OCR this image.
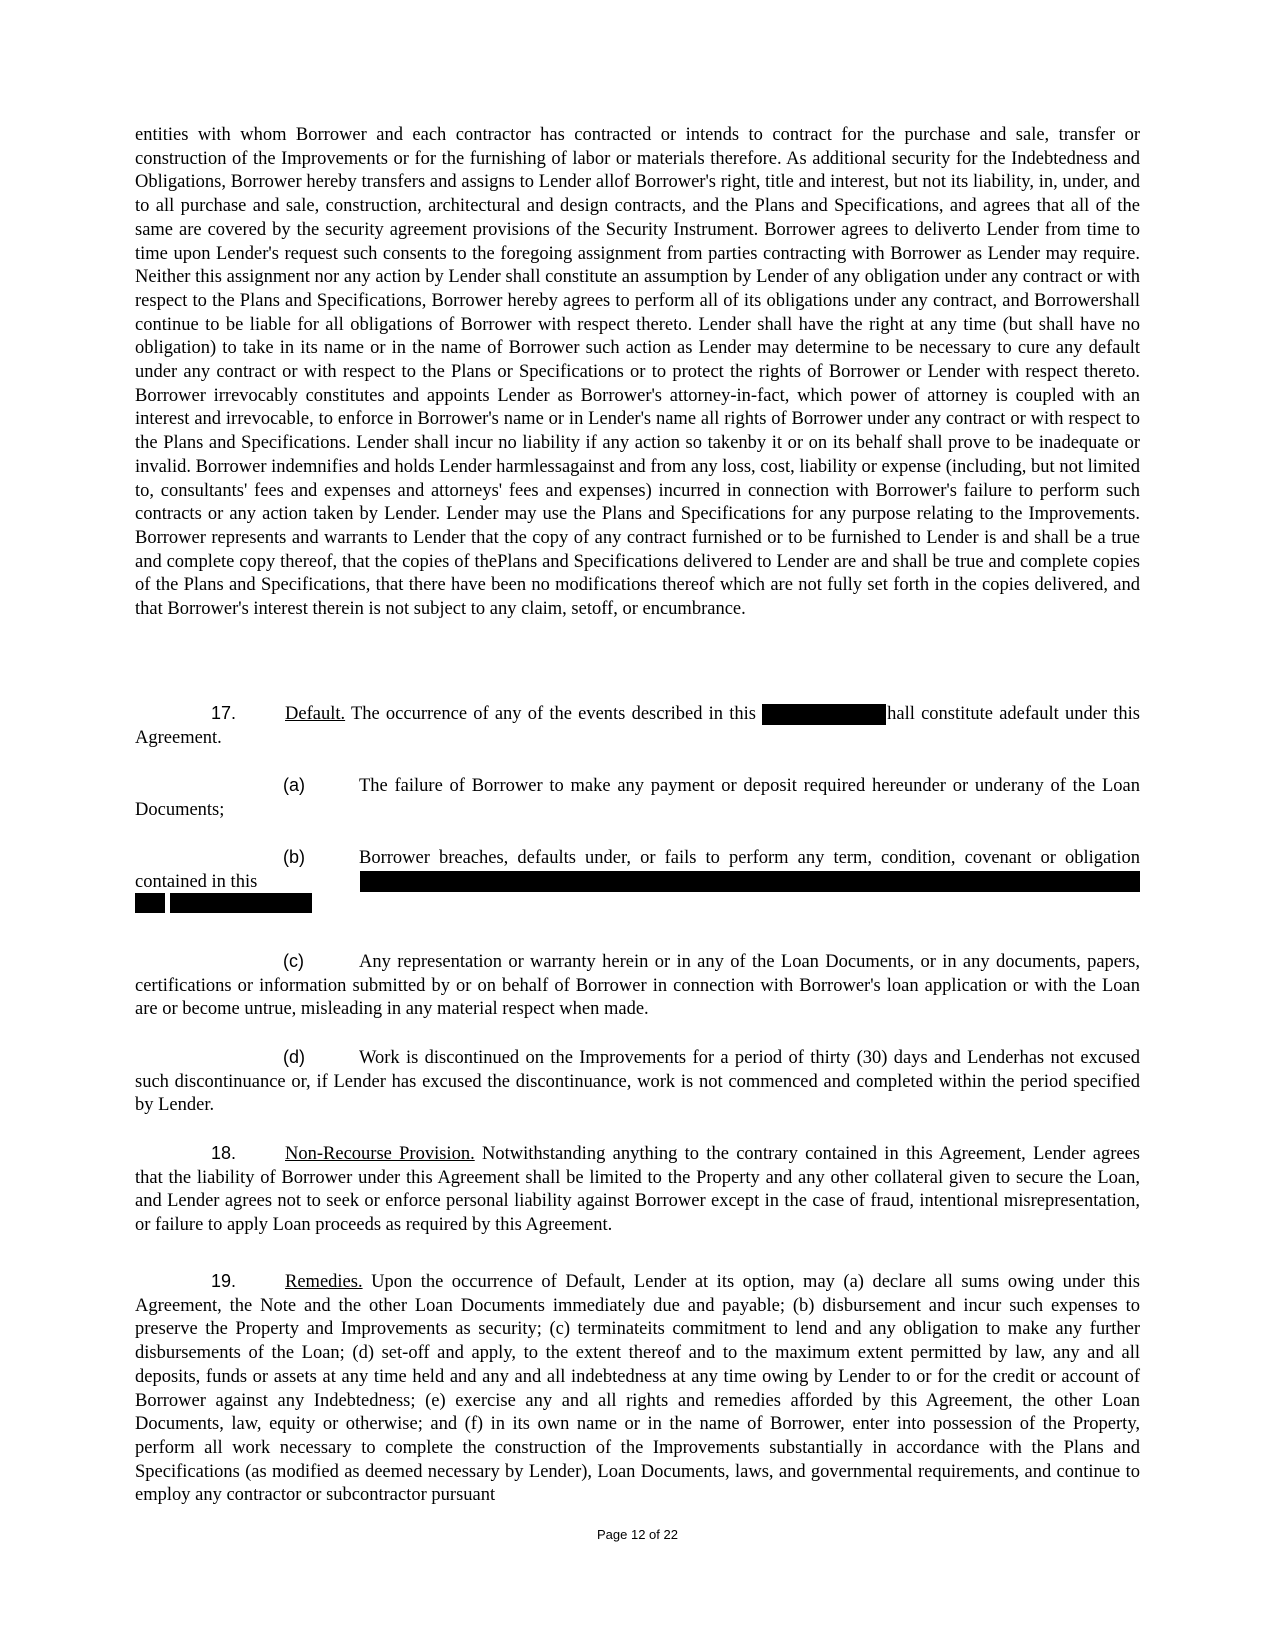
entities with whom Borrower and each contractor has contracted or intends to contract for the purchase and sale, transfer or construction of the Improvements or for the furnishing of labor or materials therefore. As additional security for the Indebtedness and Obligations, Borrower hereby transfers and assigns to Lender allof Borrower's right, title and interest, but not its liability, in, under, and to all purchase and sale, construction, architectural and design contracts, and the Plans and Specifications, and agrees that all of the same are covered by the security agreement provisions of the Security Instrument. Borrower agrees to deliverto Lender from time to time upon Lender's request such consents to the foregoing assignment from parties contracting with Borrower as Lender may require. Neither this assignment nor any action by Lender shall constitute an assumption by Lender of any obligation under any contract or with respect to the Plans and Specifications, Borrower hereby agrees to perform all of its obligations under any contract, and Borrowershall continue to be liable for all obligations of Borrower with respect thereto. Lender shall have the right at any time (but shall have no obligation) to take in its name or in the name of Borrower such action as Lender may determine to be necessary to cure any default under any contract or with respect to the Plans or Specifications or to protect the rights of Borrower or Lender with respect thereto. Borrower irrevocably constitutes and appoints Lender as Borrower's attorney-in-fact, which power of attorney is coupled with an interest and irrevocable, to enforce in Borrower's name or in Lender's name all rights of Borrower under any contract or with respect to the Plans and Specifications. Lender shall incur no liability if any action so takenby it or on its behalf shall prove to be inadequate or invalid. Borrower indemnifies and holds Lender harmlessagainst and from any loss, cost, liability or expense (including, but not limited to, consultants' fees and expenses and attorneys' fees and expenses) incurred in connection with Borrower's failure to perform such contracts or any action taken by Lender. Lender may use the Plans and Specifications for any purpose relating to the Improvements. Borrower represents and warrants to Lender that the copy of any contract furnished or to be furnished to Lender is and shall be a true and complete copy thereof, that the copies of thePlans and Specifications delivered to Lender are and shall be true and complete copies of the Plans and Specifications, that there have been no modifications thereof which are not fully set forth in the copies delivered, and that Borrower's interest therein is not subject to any claim, setoff, or encumbrance.

17.	Default. The occurrence of any of the events described in this	hall constitute adefault under this Agreement.

(a)	The failure of Borrower to make any payment or deposit required hereunder or underany of the Loan Documents;

(b)	Borrower breaches, defaults under, or fails to perform any term, condition, covenant or obligation contained in this

(c)	Any representation or warranty herein or in any of the Loan Documents, or in any documents, papers, certifications or information submitted by or on behalf of Borrower in connection with Borrower's loan application or with the Loan are or become untrue, misleading in any material respect when made.

(d)	Work is discontinued on the Improvements for a period of thirty (30) days and Lenderhas not excused such discontinuance or, if Lender has excused the discontinuance, work is not commenced and completed within the period specified by Lender.

18.	Non-Recourse Provision. Notwithstanding anything to the contrary contained in this Agreement, Lender agrees that the liability of Borrower under this Agreement shall be limited to the Property and any other collateral given to secure the Loan, and Lender agrees not to seek or enforce personal liability against Borrower except in the case of fraud, intentional misrepresentation, or failure to apply Loan proceeds as required by this Agreement.

19.	Remedies. Upon the occurrence of Default, Lender at its option, may (a) declare all sums owing under this Agreement, the Note and the other Loan Documents immediately due and payable; (b) disbursement and incur such expenses to preserve the Property and Improvements as security; (c) terminateits commitment to lend and any obligation to make any further disbursements of the Loan; (d) set-off and apply, to the extent thereof and to the maximum extent permitted by law, any and all deposits, funds or assets at any time held and any and all indebtedness at any time owing by Lender to or for the credit or account of Borrower against any Indebtedness; (e) exercise any and all rights and remedies afforded by this Agreement, the other Loan Documents, law, equity or otherwise; and (f) in its own name or in the name of Borrower, enter into possession of the Property, perform all work necessary to complete the construction of the Improvements substantially in accordance with the Plans and Specifications (as modified as deemed necessary by Lender), Loan Documents, laws, and governmental requirements, and continue to employ any contractor or subcontractor pursuant

Page 12 of 22
